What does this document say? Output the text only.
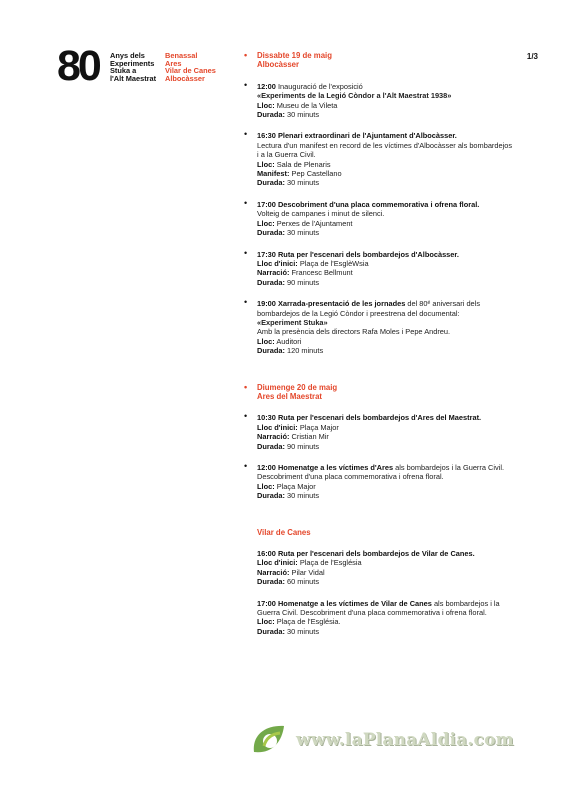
80 Anys dels
Experiments
Stuka a
l'Alt Maestrat
Benassal
Ares
Vilar de Canes
Albocàsser
1/3
• Dissabte 19 de maig
Albocàsser
• 12:00 Inauguració de l'exposició
«Experiments de la Legió Còndor a l'Alt Maestrat 1938»
Lloc: Museu de la Vileta
Durada: 30 minuts
• 16:30 Plenari extraordinari de l'Ajuntament d'Albocàsser.
Lectura d'un manifest en record de les víctimes d'Albocàsser als bombardejos i a la Guerra Civil.
Lloc: Sala de Plenaris
Manifest: Pep Castellano
Durada: 30 minuts
• 17:00 Descobriment d'una placa commemorativa i ofrena floral.
Volteig de campanes i minut de silenci.
Lloc: Perxes de l'Ajuntament
Durada: 30 minuts
• 17:30 Ruta per l'escenari dels bombardejos d'Albocàsser.
Lloc d'inici: Plaça de l'EsglèWsia
Narració: Francesc Bellmunt
Durada: 90 minuts
• 19:00 Xarrada-presentació de les jornades del $80^é$ aniversari dels bombardejos de la Legió Còndor i preestrena del documental:
«Experiment Stuka»
Amb la presència dels directors Rafa Moles i Pepe Andreu.
Lloc: Auditori
Durada: 120 minuts
• Diumenge 20 de maig
Ares del Maestrat
• 10:30 Ruta per l'escenari dels bombardejos d'Ares del Maestrat.
Lloc d'inici: Plaça Major
Narració: Cristian Mir
Durada: 90 minuts
• 12:00 Homenatge a les víctimes d'Ares als bombardejos i la Guerra Civil. Descobriment d'una placa commemorativa i ofrena floral.
Lloc: Plaça Major
Durada: 30 minuts
Vilar de Canes
16:00 Ruta per l'escenari dels bombardejos de Vilar de Canes.
Lloc d'inici: Plaça de l'Església
Narració: Pilar Vidal
Durada: 60 minuts
17:00 Homenatge a les víctimes de Vilar de Canes als bombardejos i la Guerra Civil. Descobriment d'una placa commemorativa i ofrena floral.
Lloc: Plaça de l'Església.
Durada: 30 minuts
www.laPlanaAldia.com
